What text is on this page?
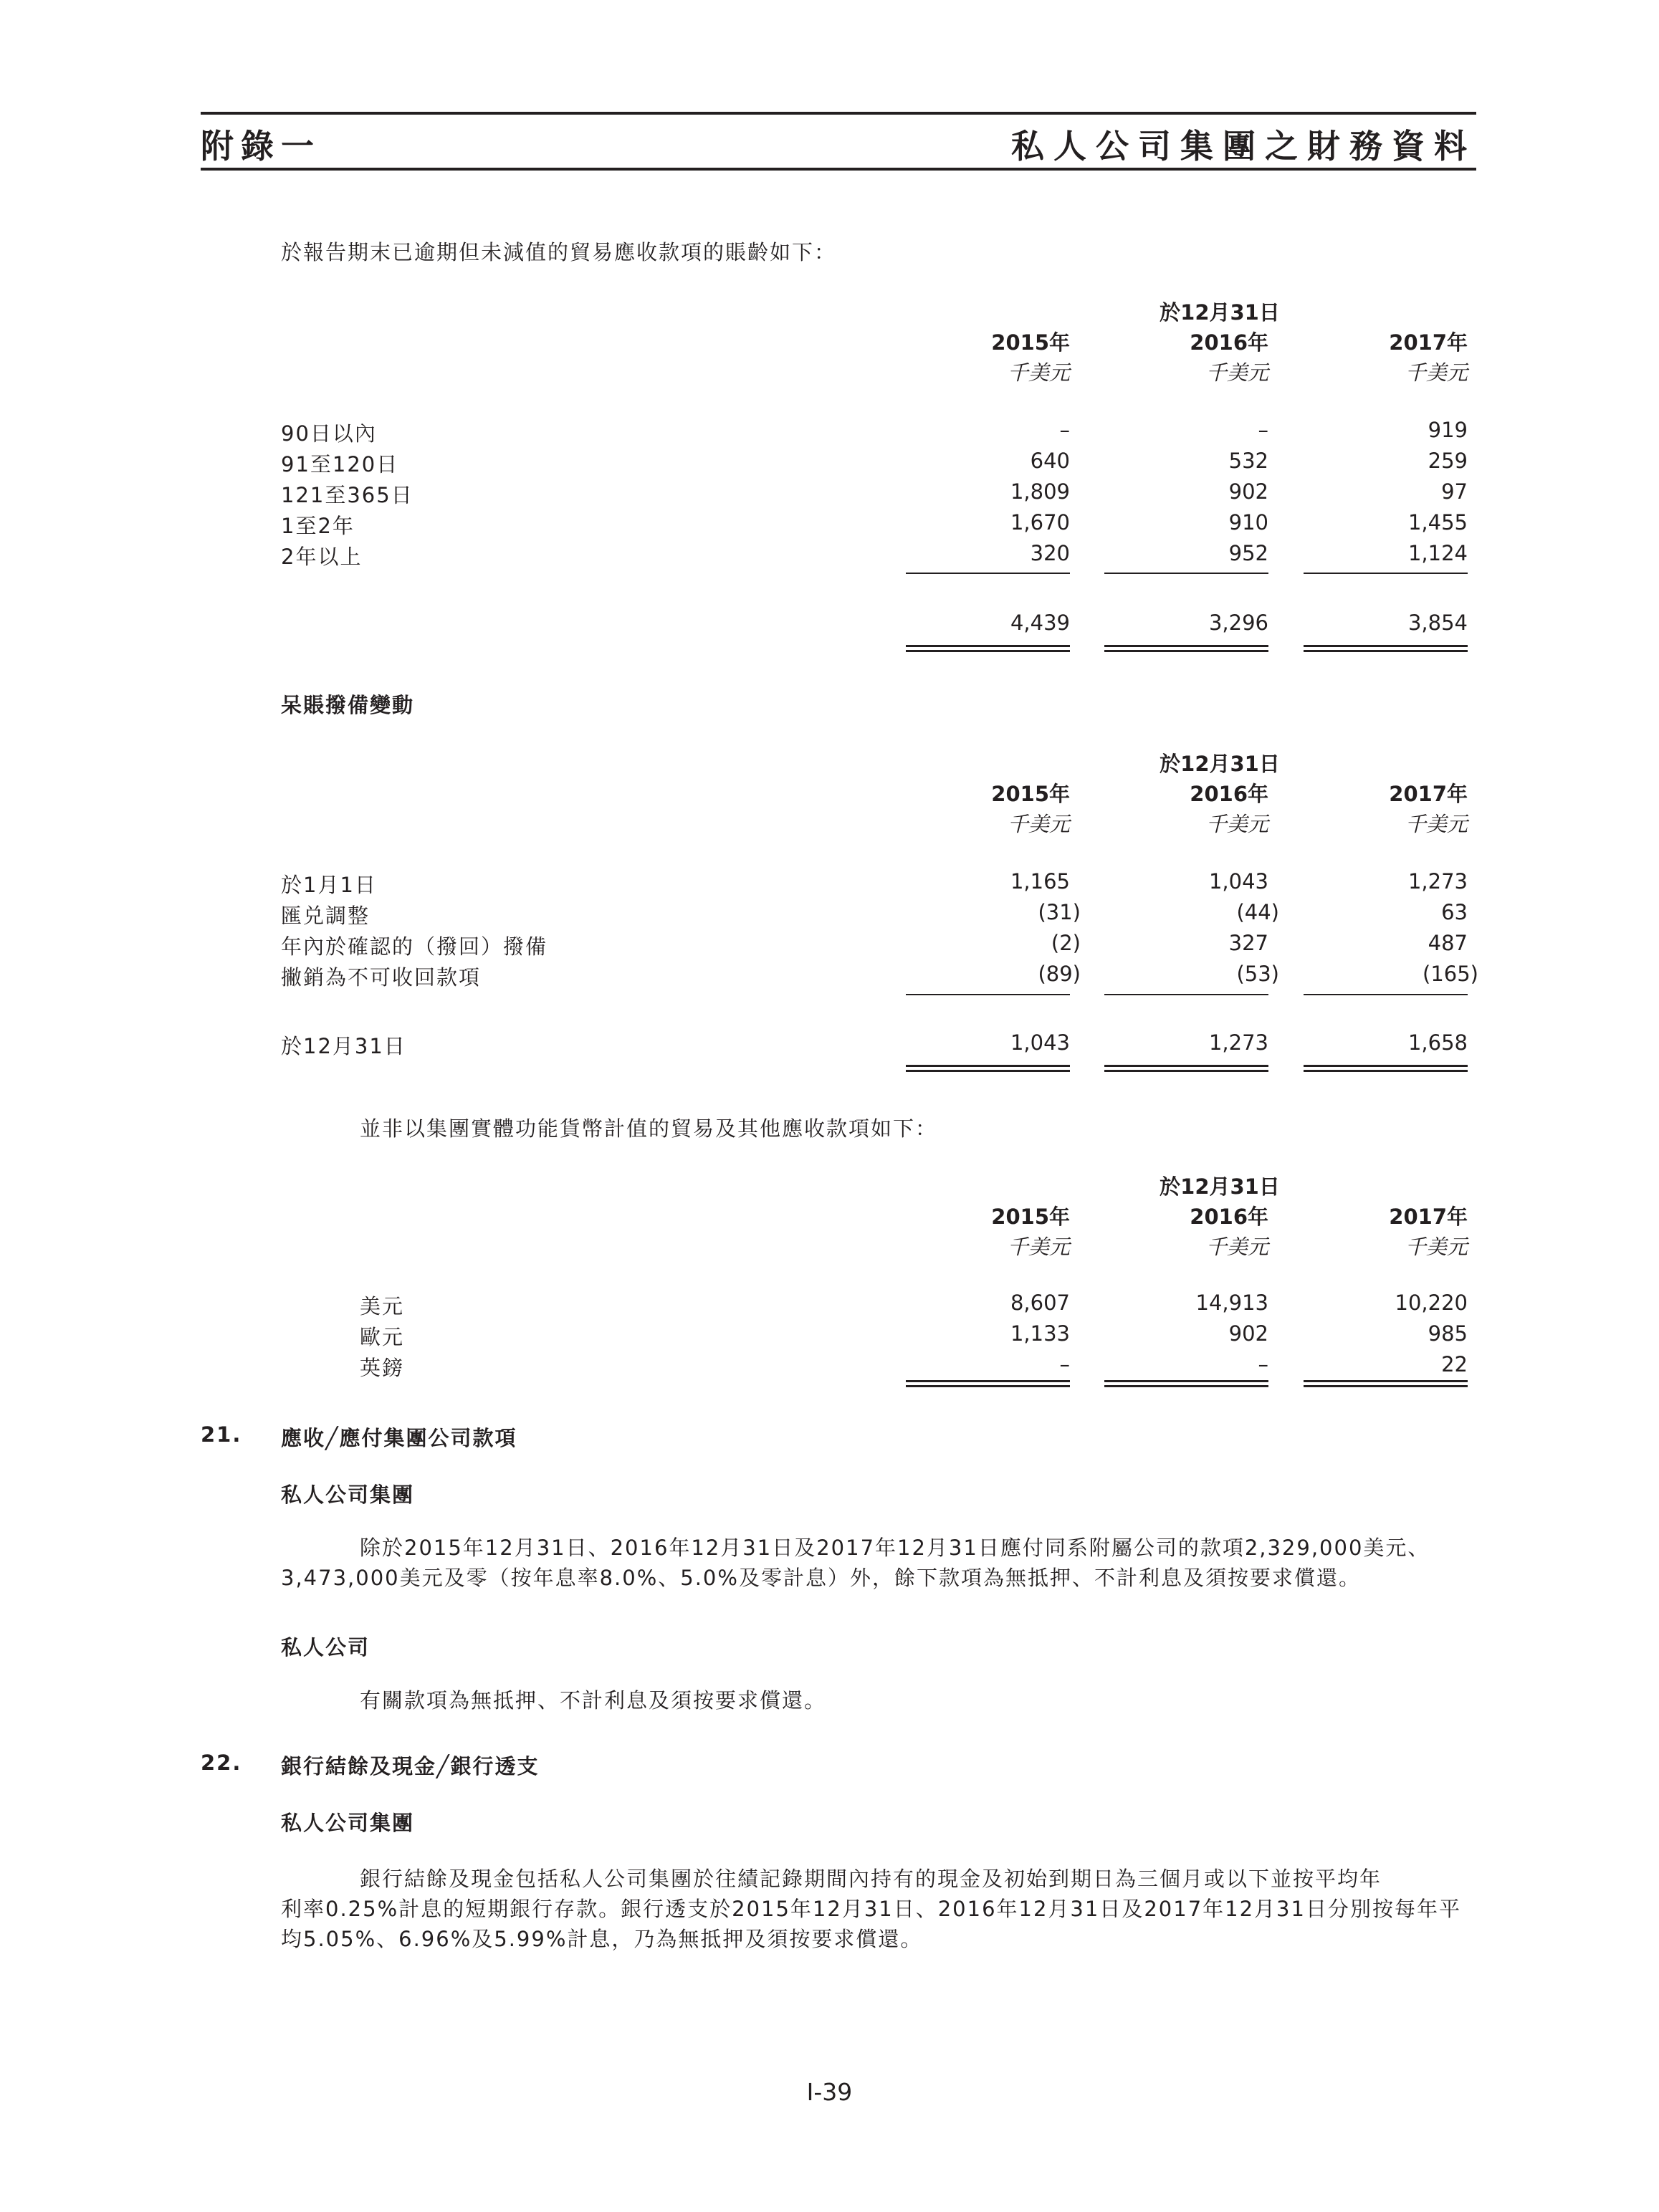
附錄一	私人公司集團之財務資料
於報告期末已逾期但未減值的貿易應收款項的賬齡如下：
於12月31日
2015年	2016年	2017年
千美元	千美元	千美元
90日以內	–	–	919
91至120日	640	532	259
121至365日	1,809	902	97
1至2年	1,670	910	1,455
2年以上	320	952	1,124
4,439	3,296	3,854
呆賬撥備變動
於12月31日
2015年	2016年	2017年
千美元	千美元	千美元
於1月1日	1,165	1,043	1,273
匯兑調整	(31)	(44)	63
年內於確認的（撥回）撥備	(2)	327	487
撇銷為不可收回款項	(89)	(53)	(165)
於12月31日	1,043	1,273	1,658
並非以集團實體功能貨幣計值的貿易及其他應收款項如下：
於12月31日
2015年	2016年	2017年
千美元	千美元	千美元
美元	8,607	14,913	10,220
歐元	1,133	902	985
英鎊	–	–	22
21. 應收╱應付集團公司款項
私人公司集團
除於2015年12月31日、2016年12月31日及2017年12月31日應付同系附屬公司的款項2,329,000美元、
3,473,000美元及零（按年息率8.0%、5.0%及零計息）外，餘下款項為無抵押、不計利息及須按要求償還。
私人公司
有關款項為無抵押、不計利息及須按要求償還。
22. 銀行結餘及現金╱銀行透支
私人公司集團
銀行結餘及現金包括私人公司集團於往績記錄期間內持有的現金及初始到期日為三個月或以下並按平均年
利率0.25%計息的短期銀行存款。銀行透支於2015年12月31日、2016年12月31日及2017年12月31日分別按每年平
均5.05%、6.96%及5.99%計息，乃為無抵押及須按要求償還。
I-39
